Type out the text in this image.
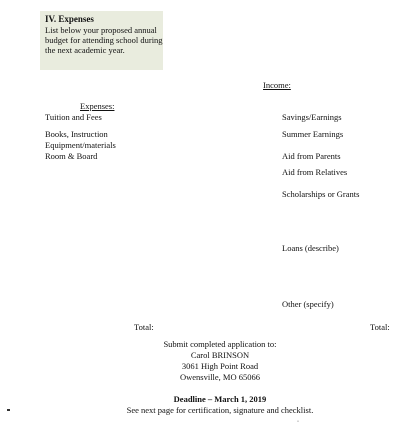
IV. Expenses
List below your proposed annual budget for attending school during the next academic year.
Income:
Expenses:
Tuition and Fees
Books, Instruction
Equipment/materials
Room & Board
Savings/Earnings
Summer Earnings
Aid from Parents
Aid from Relatives
Scholarships or Grants
Loans (describe)
Other (specify)
Total:	Total:
Submit completed application to:
Carol BRINSON
3061 High Point Road
Owensville, MO 65066
Deadline – March 1, 2019
See next page for certification, signature and checklist.
˚
